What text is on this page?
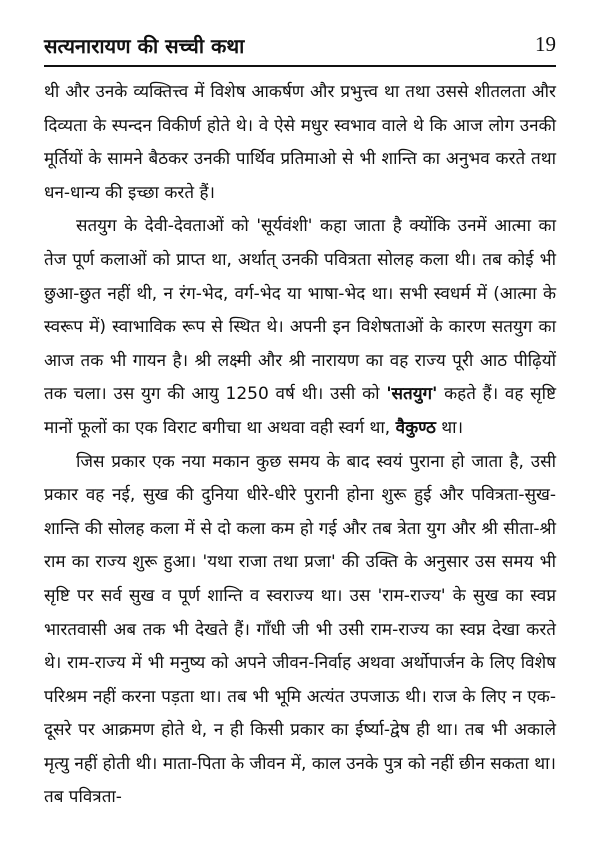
सत्यनारायण की सच्ची कथा	19

थी और उनके व्यक्तित्त्व में विशेष आकर्षण और प्रभुत्त्व था तथा उससे शीतलता और दिव्यता के स्पन्दन विकीर्ण होते थे। वे ऐसे मधुर स्वभाव वाले थे कि आज लोग उनकी मूर्तियों के सामने बैठकर उनकी पार्थिव प्रतिमाओ से भी शान्ति का अनुभव करते तथा धन-धान्य की इच्छा करते हैं।

सतयुग के देवी-देवताओं को 'सूर्यवंशी' कहा जाता है क्योंकि उनमें आत्मा का तेज पूर्ण कलाओं को प्राप्त था, अर्थात् उनकी पवित्रता सोलह कला थी। तब कोई भी छुआ-छुत नहीं थी, न रंग-भेद, वर्ग-भेद या भाषा-भेद था। सभी स्वधर्म में (आत्मा के स्वरूप में) स्वाभाविक रूप से स्थित थे। अपनी इन विशेषताओं के कारण सतयुग का आज तक भी गायन है। श्री लक्ष्मी और श्री नारायण का वह राज्य पूरी आठ पीढ़ियों तक चला। उस युग की आयु 1250 वर्ष थी। उसी को 'सतयुग' कहते हैं। वह सृष्टि मानों फूलों का एक विराट बगीचा था अथवा वही स्वर्ग था, वैकुण्ठ था।

जिस प्रकार एक नया मकान कुछ समय के बाद स्वयं पुराना हो जाता है, उसी प्रकार वह नई, सुख की दुनिया धीरे-धीरे पुरानी होना शुरू हुई और पवित्रता-सुख-शान्ति की सोलह कला में से दो कला कम हो गई और तब त्रेता युग और श्री सीता-श्री राम का राज्य शुरू हुआ। 'यथा राजा तथा प्रजा' की उक्ति के अनुसार उस समय भी सृष्टि पर सर्व सुख व पूर्ण शान्ति व स्वराज्य था। उस 'राम-राज्य' के सुख का स्वप्न भारतवासी अब तक भी देखते हैं। गाँधी जी भी उसी राम-राज्य का स्वप्न देखा करते थे। राम-राज्य में भी मनुष्य को अपने जीवन-निर्वाह अथवा अर्थोपार्जन के लिए विशेष परिश्रम नहीं करना पड़ता था। तब भी भूमि अत्यंत उपजाऊ थी। राज के लिए न एक-दूसरे पर आक्रमण होते थे, न ही किसी प्रकार का ईर्ष्या-द्वेष ही था। तब भी अकाले मृत्यु नहीं होती थी। माता-पिता के जीवन में, काल उनके पुत्र को नहीं छीन सकता था। तब पवित्रता-
